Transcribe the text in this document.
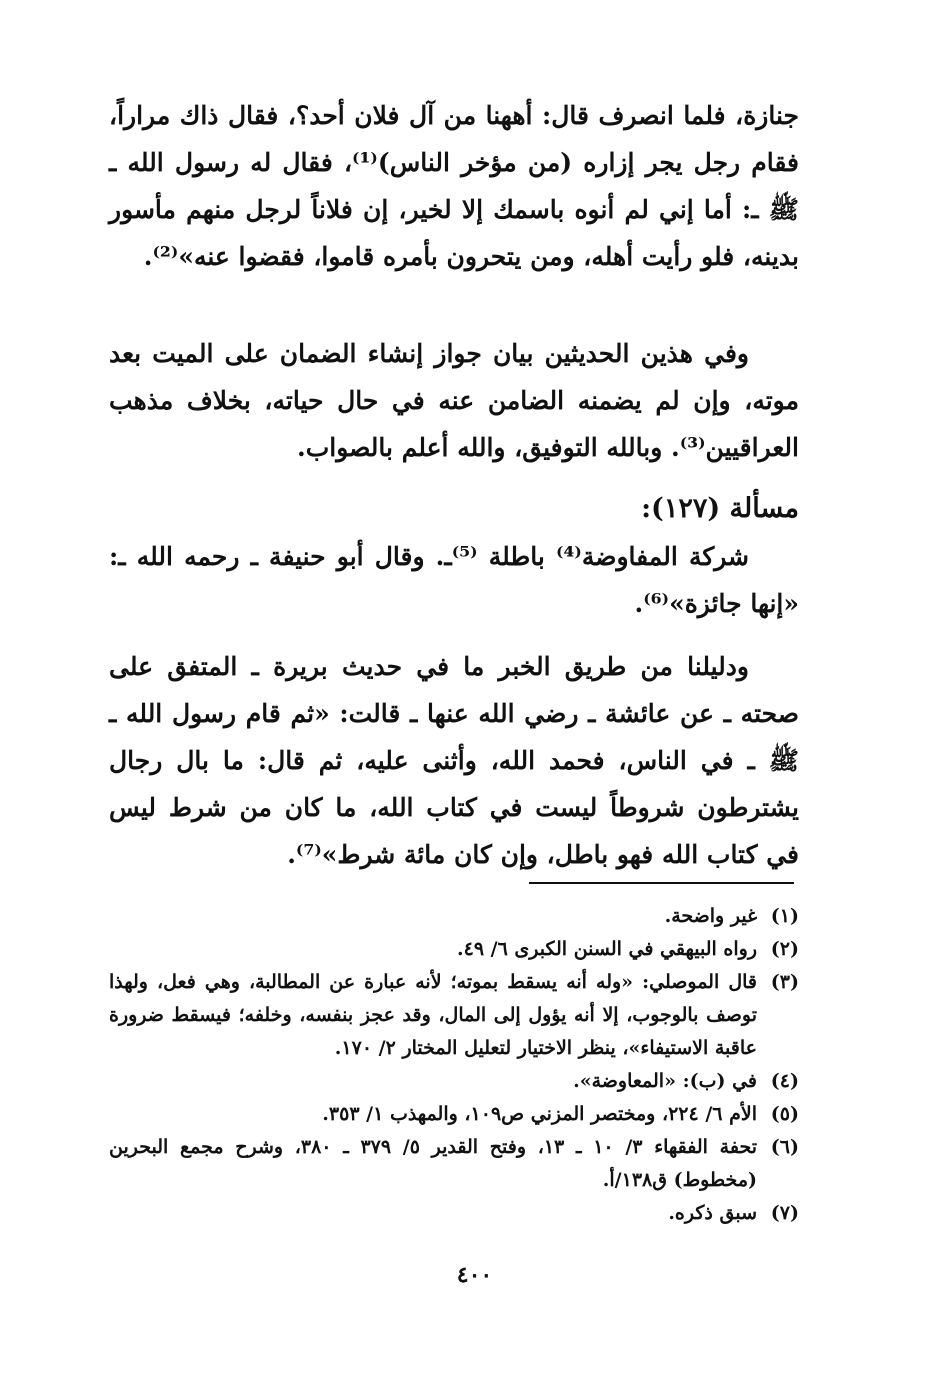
جنازة، فلما انصرف قال: أههنا من آل فلان أحد؟، فقال ذاك مراراً، فقام رجل يجر إزاره (من مؤخر الناس)⁽¹⁾، فقال له رسول الله ـ ﷺ ـ: أما إني لم أنوه باسمك إلا لخير، إن فلاناً لرجل منهم مأسور بدينه، فلو رأيت أهله، ومن يتحرون بأمره قاموا، فقضوا عنه»⁽²⁾.

وفي هذين الحديثين بيان جواز إنشاء الضمان على الميت بعد موته، وإن لم يضمنه الضامن عنه في حال حياته، بخلاف مذهب العراقيين⁽³⁾. وبالله التوفيق، والله أعلم بالصواب.

مسألة (١٢٧):

شركة المفاوضة⁽⁴⁾ باطلة ⁽⁵⁾ـ. وقال أبو حنيفة ـ رحمه الله ـ: «إنها جائزة»⁽⁶⁾.

ودليلنا من طريق الخبر ما في حديث بريرة ـ المتفق على صحته ـ عن عائشة ـ رضي الله عنها ـ قالت: «ثم قام رسول الله ـ ﷺ ـ في الناس، فحمد الله، وأثنى عليه، ثم قال: ما بال رجال يشترطون شروطاً ليست في كتاب الله، ما كان من شرط ليس في كتاب الله فهو باطل، وإن كان مائة شرط»⁽⁷⁾.

(١)
غير واضحة.
(٢)
رواه البيهقي في السنن الكبرى ٦/ ٤٩.
(٣)
قال الموصلي: «وله أنه يسقط بموته؛ لأنه عبارة عن المطالبة، وهي فعل، ولهذا توصف بالوجوب، إلا أنه يؤول إلى المال، وقد عجز بنفسه، وخلفه؛ فيسقط ضرورة عاقبة الاستيفاء»، ينظر الاختيار لتعليل المختار ٢/ ١٧٠.
(٤)
في (ب): «المعاوضة».
(٥)
الأم ٦/ ٢٢٤، ومختصر المزني ص١٠٩، والمهذب ١/ ٣٥٣.
(٦)
تحفة الفقهاء ٣/ ١٠ ـ ١٣، وفتح القدير ٥/ ٣٧٩ ـ ٣٨٠، وشرح مجمع البحرين (مخطوط) ق١٣٨/أ.
(٧)
سبق ذكره.
٤٠٠
